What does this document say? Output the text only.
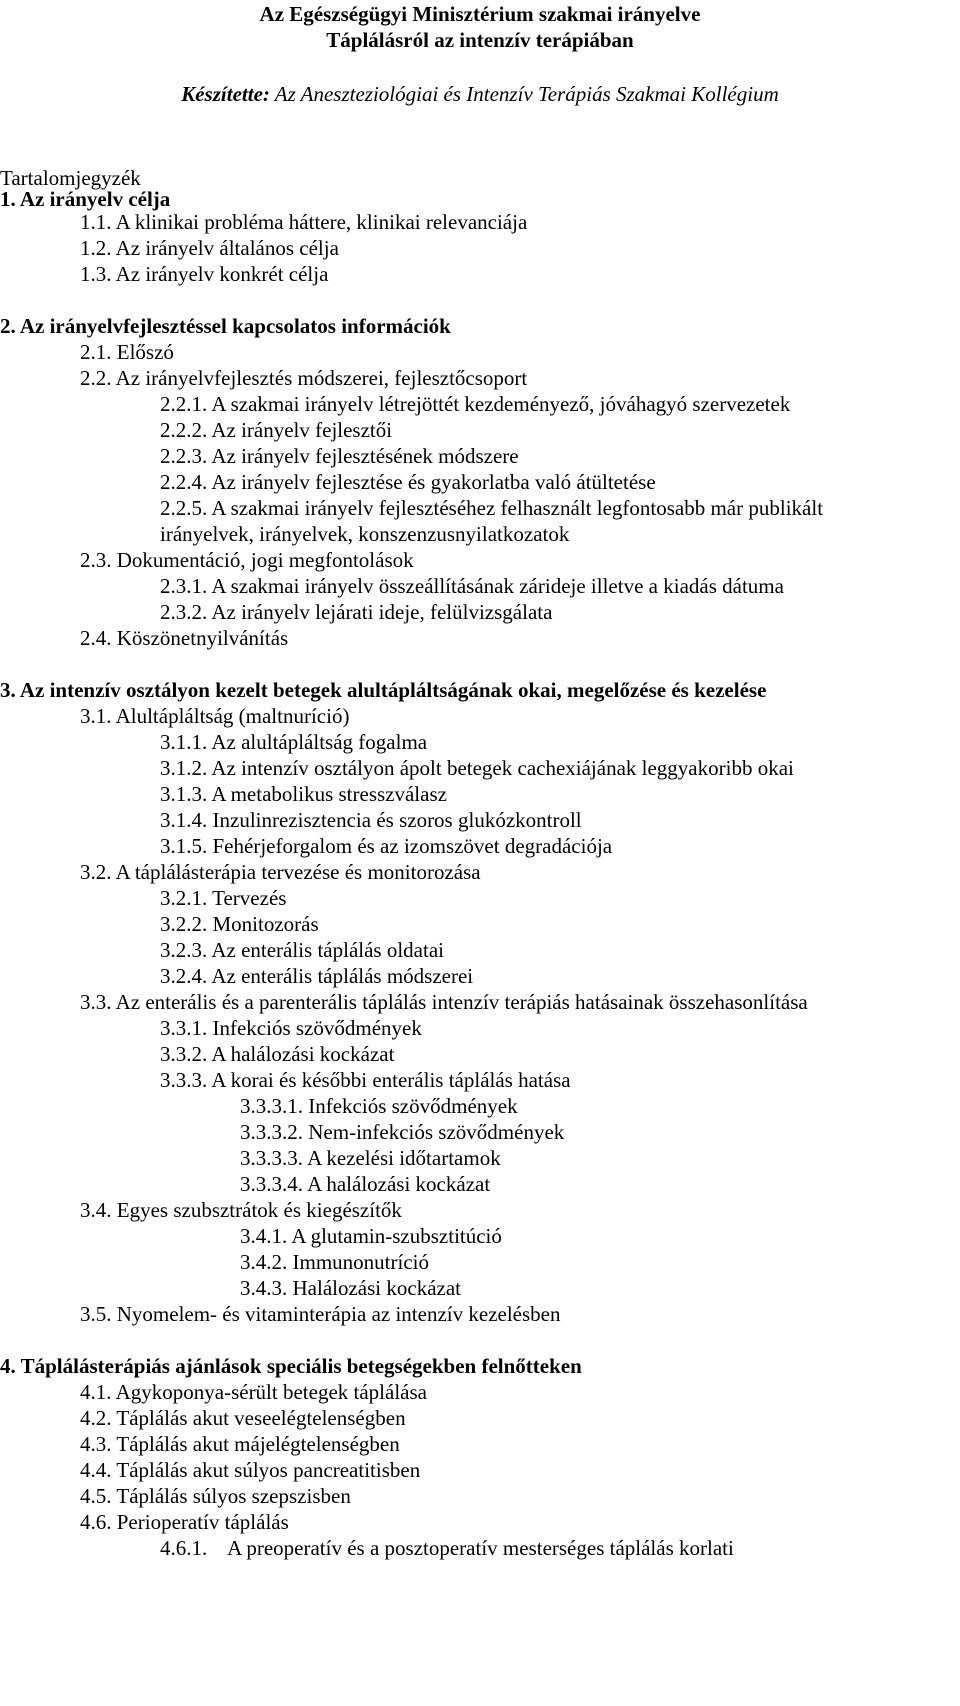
Az Egészségügyi Minisztérium szakmai irányelve
Táplálásról az intenzív terápiában
Készítette: Az Aneszteziológiai és Intenzív Terápiás Szakmai Kollégium
Tartalomjegyzék
1. Az irányelv célja
1.1. A klinikai probléma háttere, klinikai relevanciája
1.2. Az irányelv általános célja
1.3. Az irányelv konkrét célja
2. Az irányelvfejlesztéssel kapcsolatos információk
2.1. Előszó
2.2. Az irányelvfejlesztés módszerei, fejlesztőcsoport
2.2.1. A szakmai irányelv létrejöttét kezdeményező, jóváhagyó szervezetek
2.2.2. Az irányelv fejlesztői
2.2.3. Az irányelv fejlesztésének módszere
2.2.4. Az irányelv fejlesztése és gyakorlatba való átültetése
2.2.5. A szakmai irányelv fejlesztéséhez felhasznált legfontosabb már publikált
irányelvek, irányelvek, konszenzusnyilatkozatok
2.3. Dokumentáció, jogi megfontolások
2.3.1. A szakmai irányelv összeállításának zárideje illetve a kiadás dátuma
2.3.2. Az irányelv lejárati ideje, felülvizsgálata
2.4. Köszönetnyilvánítás
3. Az intenzív osztályon kezelt betegek alultápláltságának okai, megelőzése és kezelése
3.1. Alultápláltság (maltnuríció)
3.1.1. Az alultápláltság fogalma
3.1.2. Az intenzív osztályon ápolt betegek cachexiájának leggyakoribb okai
3.1.3. A metabolikus stresszválasz
3.1.4. Inzulinrezisztencia és szoros glukózkontroll
3.1.5. Fehérjeforgalom és az izomszövet degradációja
3.2. A táplálásterápia tervezése és monitorozása
3.2.1. Tervezés
3.2.2. Monitozorás
3.2.3. Az enterális táplálás oldatai
3.2.4. Az enterális táplálás módszerei
3.3. Az enterális és a parenterális táplálás intenzív terápiás hatásainak összehasonlítása
3.3.1. Infekciós szövődmények
3.3.2. A halálozási kockázat
3.3.3. A korai és későbbi enterális táplálás hatása
3.3.3.1. Infekciós szövődmények
3.3.3.2. Nem-infekciós szövődmények
3.3.3.3. A kezelési időtartamok
3.3.3.4. A halálozási kockázat
3.4. Egyes szubsztrátok és kiegészítők
3.4.1. A glutamin-szubsztitúció
3.4.2. Immunonutríció
3.4.3. Halálozási kockázat
3.5. Nyomelem- és vitaminterápia az intenzív kezelésben
4. Táplálásterápiás ajánlások speciális betegségekben felnőtteken
4.1. Agykoponya-sérült betegek táplálása
4.2. Táplálás akut veseelégtelenségben
4.3. Táplálás akut májelégtelenségben
4.4. Táplálás akut súlyos pancreatitisben
4.5. Táplálás súlyos szepszisben
4.6. Perioperatív táplálás
4.6.1.    A preoperatív és a posztoperatív mesterséges táplálás korlati
